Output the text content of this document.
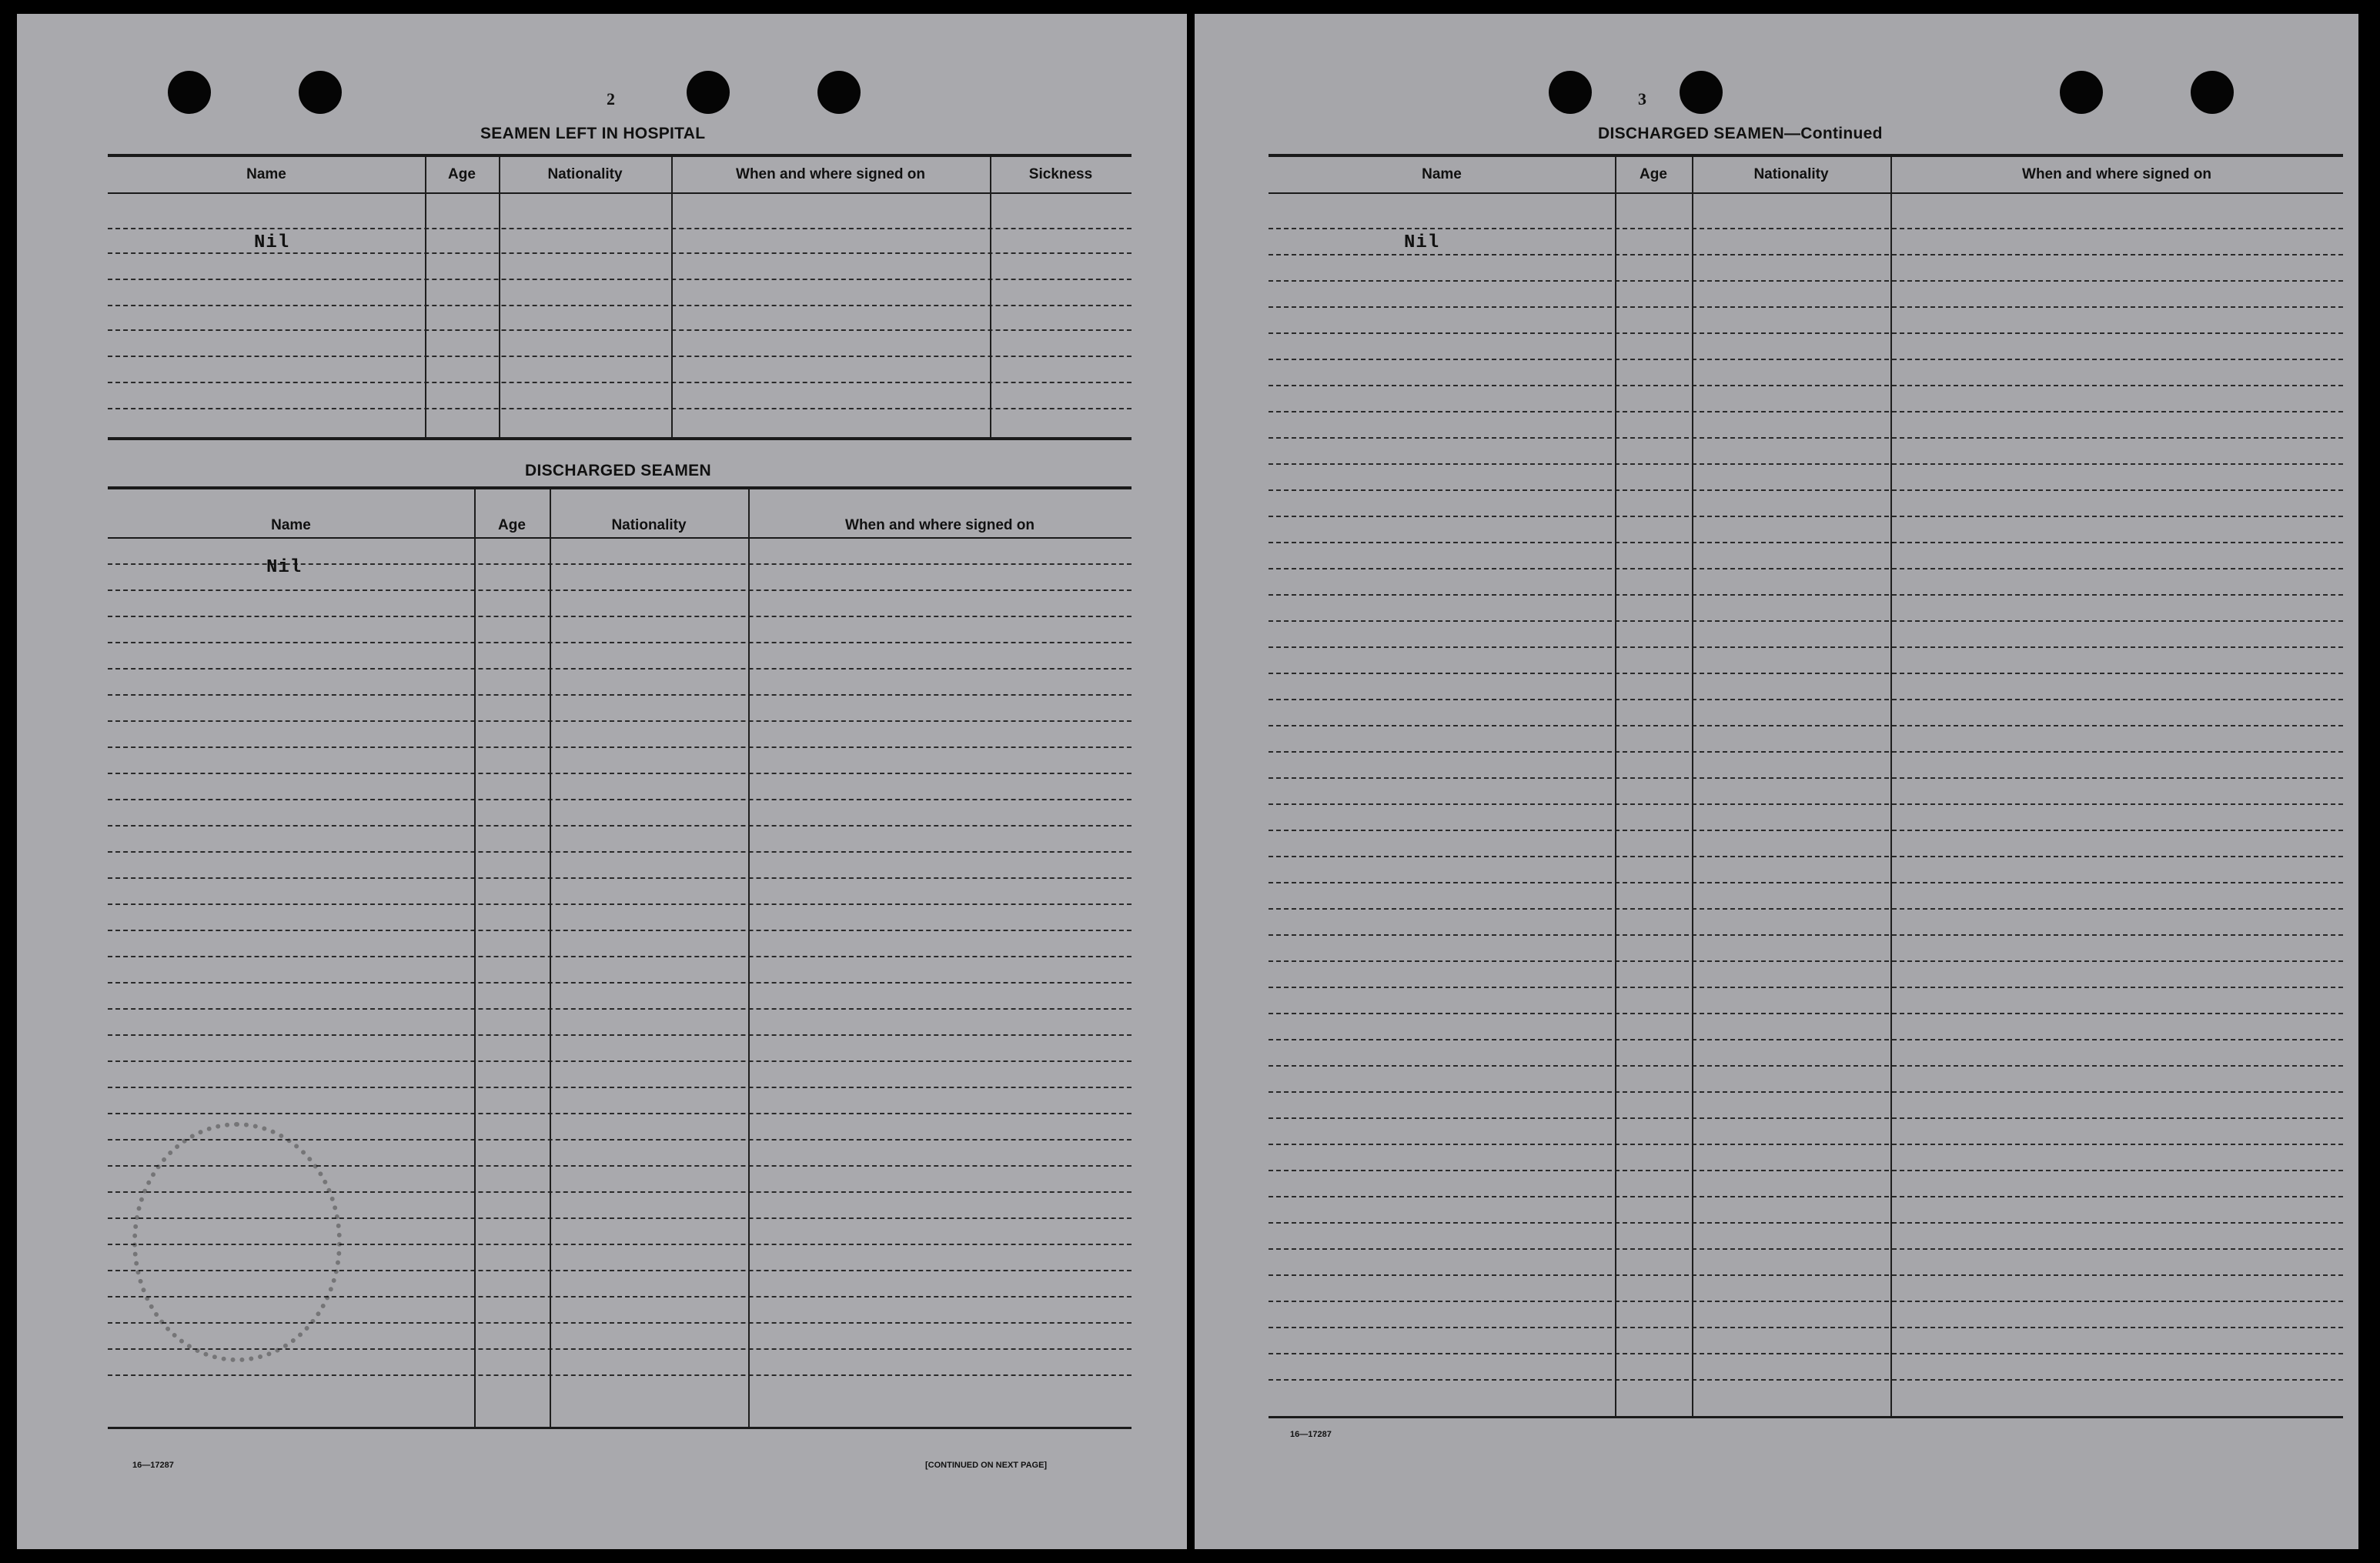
2
SEAMEN LEFT IN HOSPITAL
Name	Age	Nationality	When and where signed on	Sickness
Nil
DISCHARGED SEAMEN
Name	Age	Nationality	When and where signed on
Nil
16—17287	[CONTINUED ON NEXT PAGE]
3
DISCHARGED SEAMEN—Continued
Name	Age	Nationality	When and where signed on
Nil
16—17287
